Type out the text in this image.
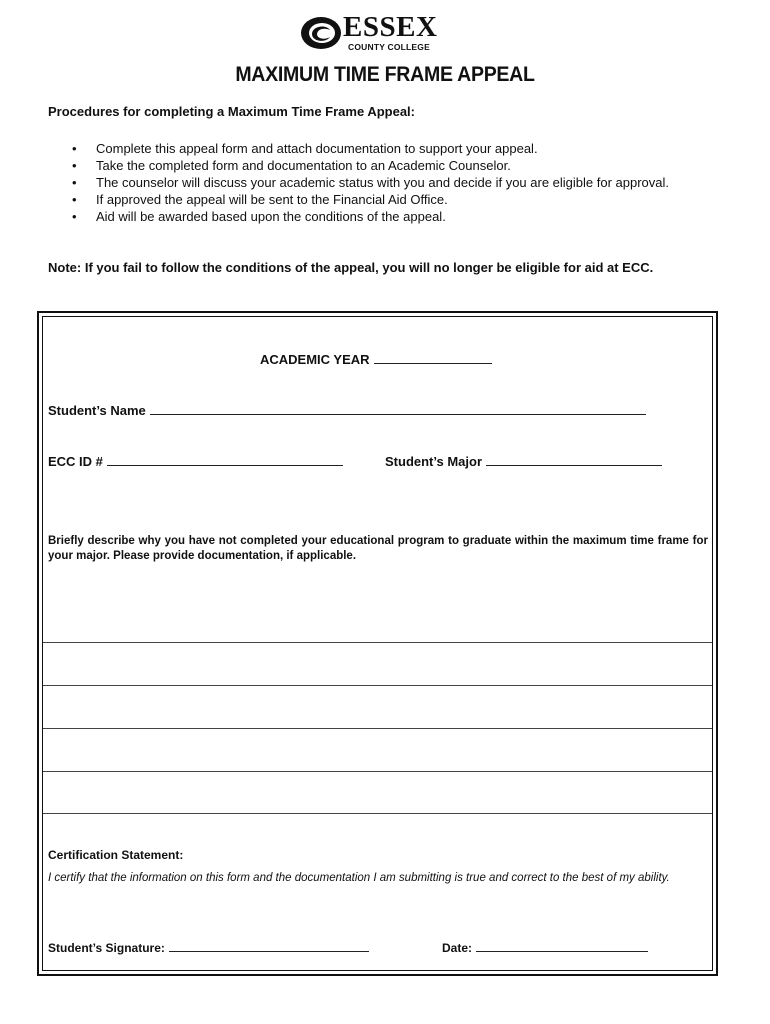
ESSEX
COUNTY COLLEGE
MAXIMUM TIME FRAME APPEAL
Procedures for completing a Maximum Time Frame Appeal:
• Complete this appeal form and attach documentation to support your appeal.
• Take the completed form and documentation to an Academic Counselor.
• The counselor will discuss your academic status with you and decide if you are eligible for approval.
• If approved the appeal will be sent to the Financial Aid Office.
• Aid will be awarded based upon the conditions of the appeal.
Note: If you fail to follow the conditions of the appeal, you will no longer be eligible for aid at ECC.
ACADEMIC YEAR
Student’s Name
ECC ID #	Student’s Major
Briefly describe why you have not completed your educational program to graduate within the maximum time frame for your major. Please provide documentation, if applicable.
Certification Statement:
I certify that the information on this form and the documentation I am submitting is true and correct to the best of my ability.
Student’s Signature:	Date:
